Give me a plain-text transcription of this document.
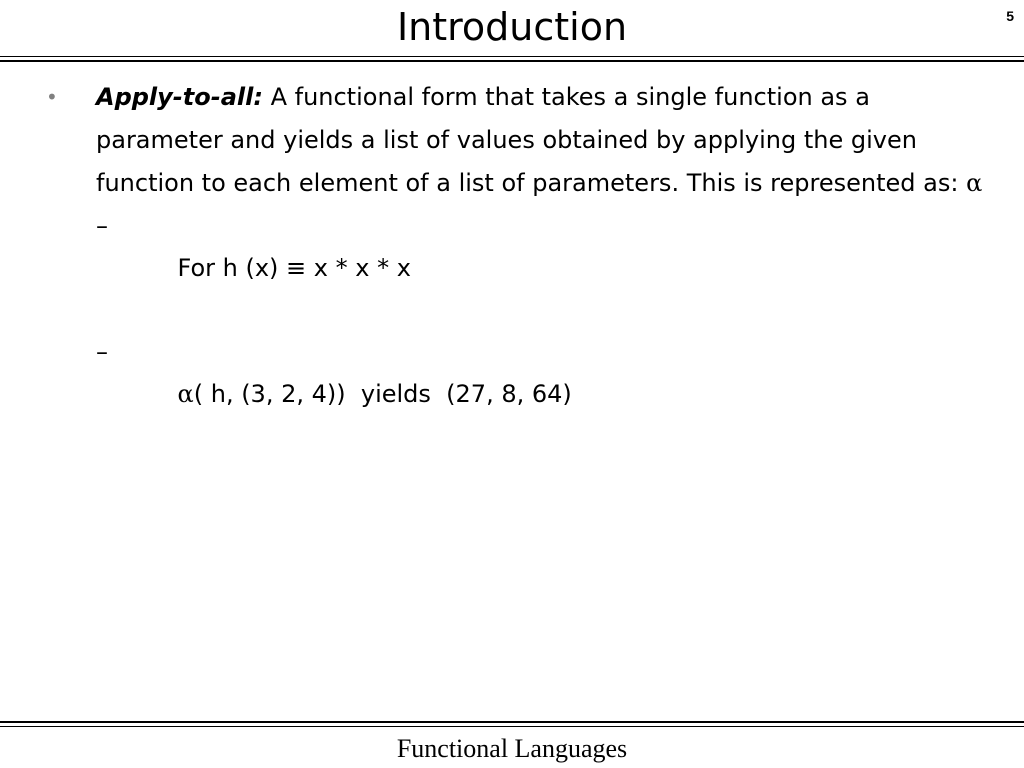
Introduction	5
• Apply-to-all: A functional form that takes a single function as a parameter and yields a list of values obtained by applying the given function to each element of a list of parameters. This is represented as: α

–
For h (x) ≡ x * x * x

–
α( h, (3, 2, 4))  yields  (27, 8, 64)

Functional Languages
